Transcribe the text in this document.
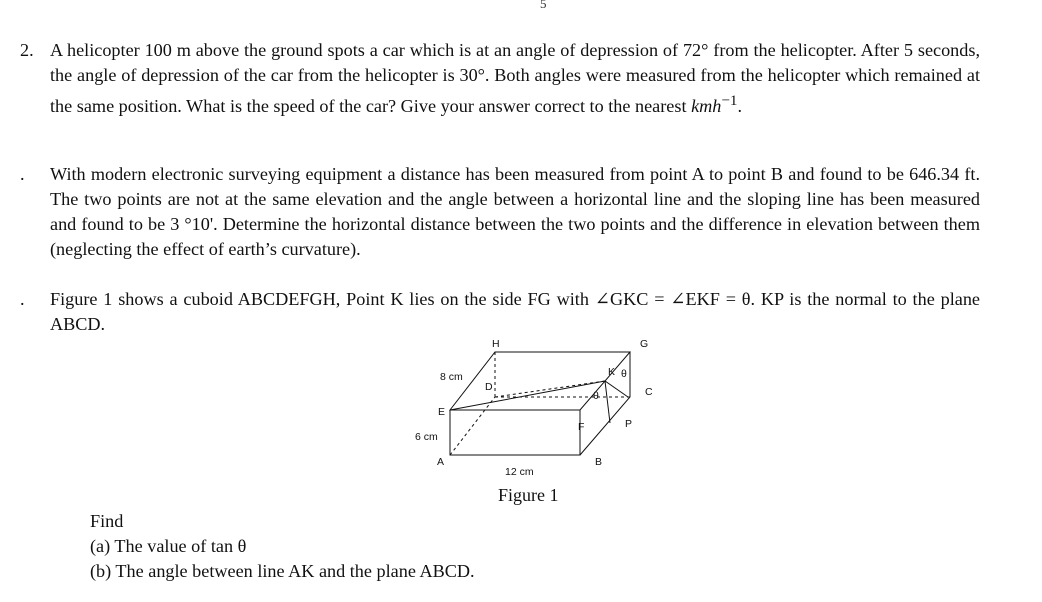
5
2. A helicopter 100 m above the ground spots a car which is at an angle of depression of 72° from the helicopter. After 5 seconds, the angle of depression of the car from the helicopter is 30°. Both angles were measured from the helicopter which remained at the same position. What is the speed of the car? Give your answer correct to the nearest kmh$^{-1}$.
. With modern electronic surveying equipment a distance has been measured from point A to point B and found to be 646.34 ft. The two points are not at the same elevation and the angle between a horizontal line and the sloping line has been measured and found to be 3 °10'. Determine the horizontal distance between the two points and the difference in elevation between them (neglecting the effect of earth’s curvature).
. Figure 1 shows a cuboid ABCDEFGH, Point K lies on the side FG with ∠GKC = ∠EKF = θ. KP is the normal to the plane ABCD.
H	G
D
K θ
θ	C
E
F	P
A	B
8 cm
6 cm
12 cm
Figure 1
Find
(a) The value of tan θ
(b) The angle between line AK and the plane ABCD.
